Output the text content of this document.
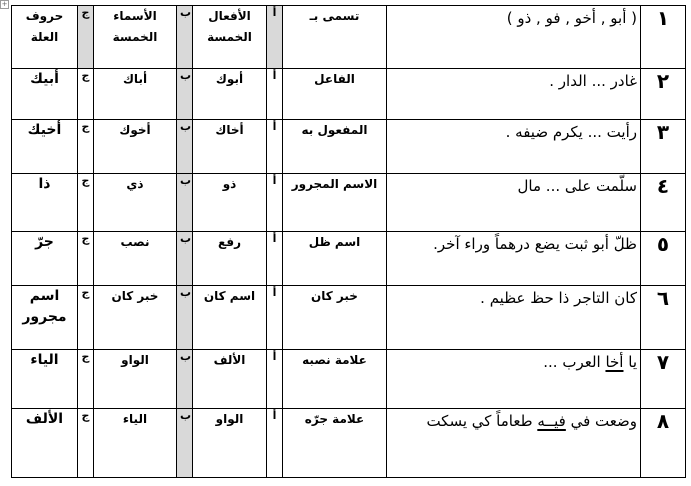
+
حروف العلة	ج	الأسماء الخمسة	ب	الأفعال الخمسة	أ	تسمى بـ	( أبو , أخو , فو , ذو )	١
أبيك	ج	أباك	ب	أبوك	أ	الفاعل	غادر ... الدار .	٢
أخيك	ج	أخوك	ب	أخاك	أ	المفعول به	رأيت ... يكرم ضيفه .	٣
ذا	ج	ذي	ب	ذو	أ	الاسم المجرور	سلّمت على ... مال	٤
جرّ	ج	نصب	ب	رفع	أ	اسم ظل	ظلّ أبو ثبت يضع درهماً وراء آخر.	٥
اسم مجرور	ج	خبر كان	ب	اسم كان	أ	خبر كان	كان التاجر ذا حظ عظيم .	٦
الياء	ج	الواو	ب	الألف	أ	علامة نصبه	يا أخا العرب ...	٧
الألف	ج	الياء	ب	الواو	أ	علامة جرّه	وضعت في فيــه طعاماً كي يسكت	٨
